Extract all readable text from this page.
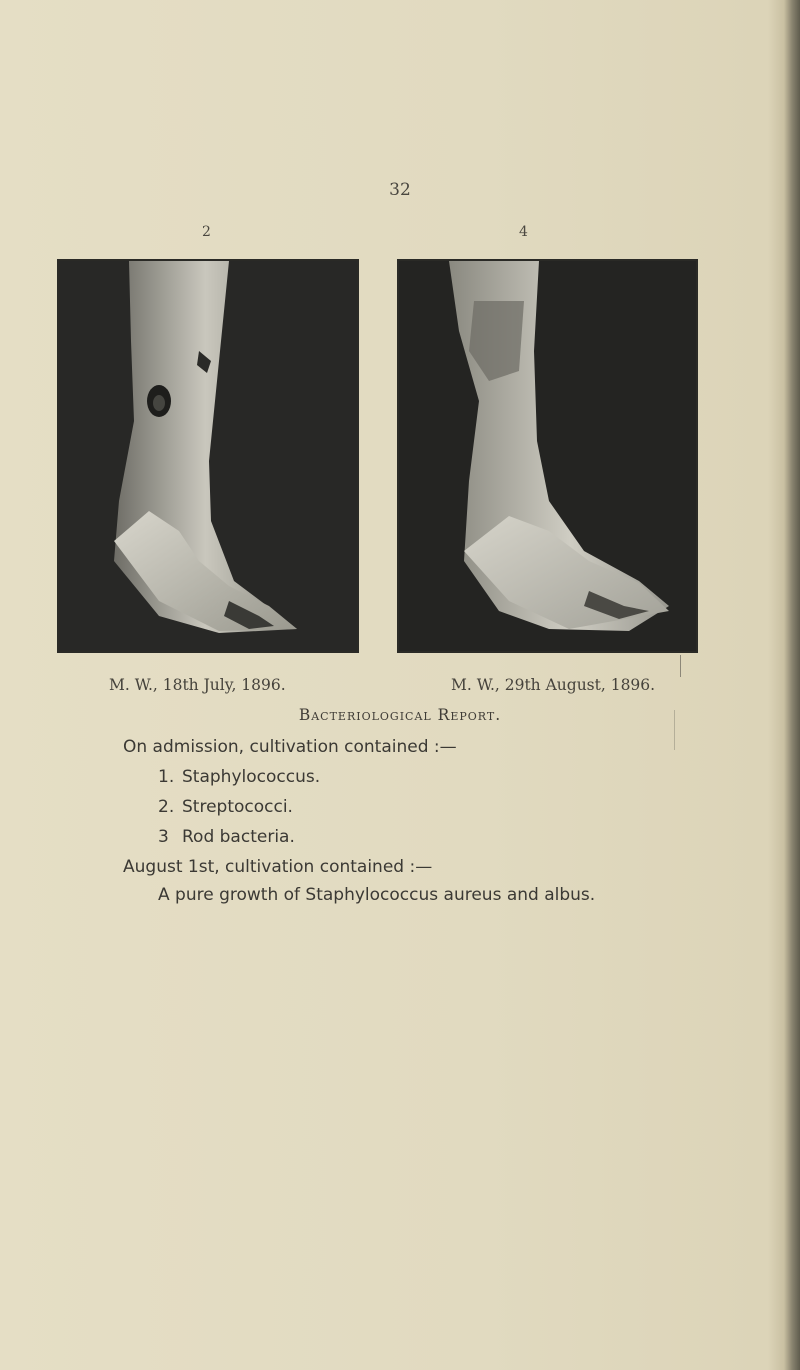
32
2	4
M. W., 18th July, 1896.	M. W., 29th August, 1896.
Bacteriological Report.
On admission, cultivation contained :—
1. Staphylococcus.
2. Streptococci.
3 Rod bacteria.
August 1st, cultivation contained :—
A pure growth of Staphylococcus aureus and albus.
